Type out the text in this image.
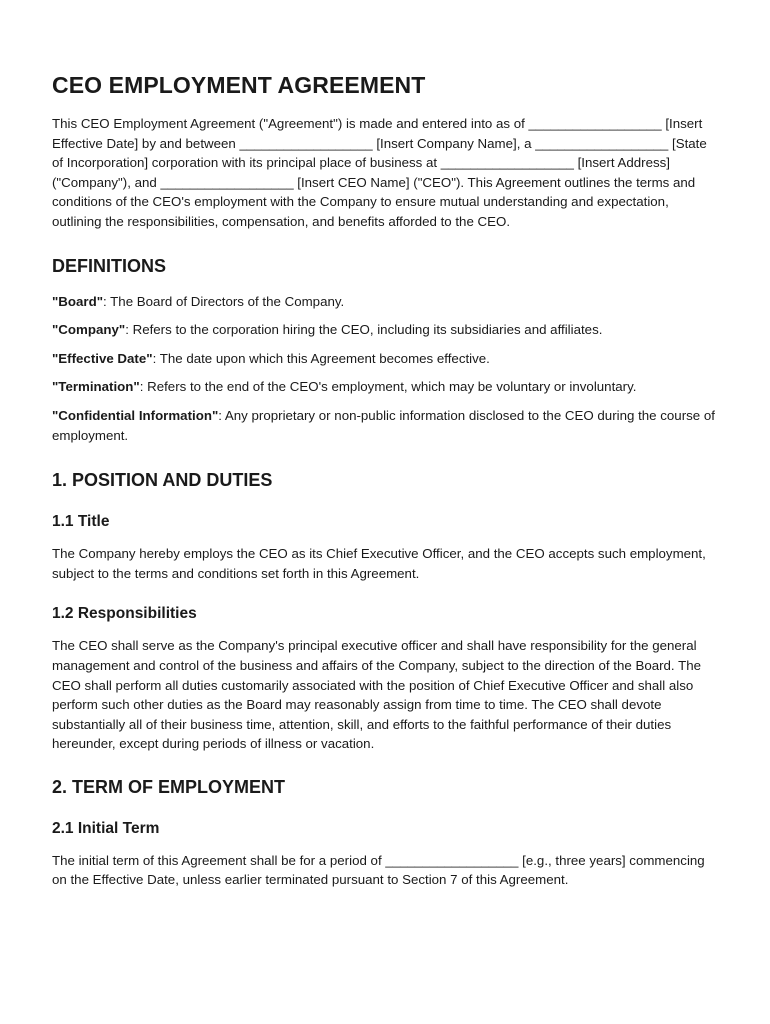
CEO EMPLOYMENT AGREEMENT

This CEO Employment Agreement ("Agreement") is made and entered into as of __________________ [Insert Effective Date] by and between __________________ [Insert Company Name], a __________________ [State of Incorporation] corporation with its principal place of business at __________________ [Insert Address] ("Company"), and __________________ [Insert CEO Name] ("CEO"). This Agreement outlines the terms and conditions of the CEO's employment with the Company to ensure mutual understanding and expectation, outlining the responsibilities, compensation, and benefits afforded to the CEO.

DEFINITIONS

"Board": The Board of Directors of the Company.

"Company": Refers to the corporation hiring the CEO, including its subsidiaries and affiliates.

"Effective Date": The date upon which this Agreement becomes effective.

"Termination": Refers to the end of the CEO's employment, which may be voluntary or involuntary.

"Confidential Information": Any proprietary or non-public information disclosed to the CEO during the course of employment.

1. POSITION AND DUTIES
1.1 Title

The Company hereby employs the CEO as its Chief Executive Officer, and the CEO accepts such employment, subject to the terms and conditions set forth in this Agreement.

1.2 Responsibilities

The CEO shall serve as the Company's principal executive officer and shall have responsibility for the general management and control of the business and affairs of the Company, subject to the direction of the Board. The CEO shall perform all duties customarily associated with the position of Chief Executive Officer and shall also perform such other duties as the Board may reasonably assign from time to time. The CEO shall devote substantially all of their business time, attention, skill, and efforts to the faithful performance of their duties hereunder, except during periods of illness or vacation.

2. TERM OF EMPLOYMENT
2.1 Initial Term

The initial term of this Agreement shall be for a period of __________________ [e.g., three years] commencing on the Effective Date, unless earlier terminated pursuant to Section 7 of this Agreement.
